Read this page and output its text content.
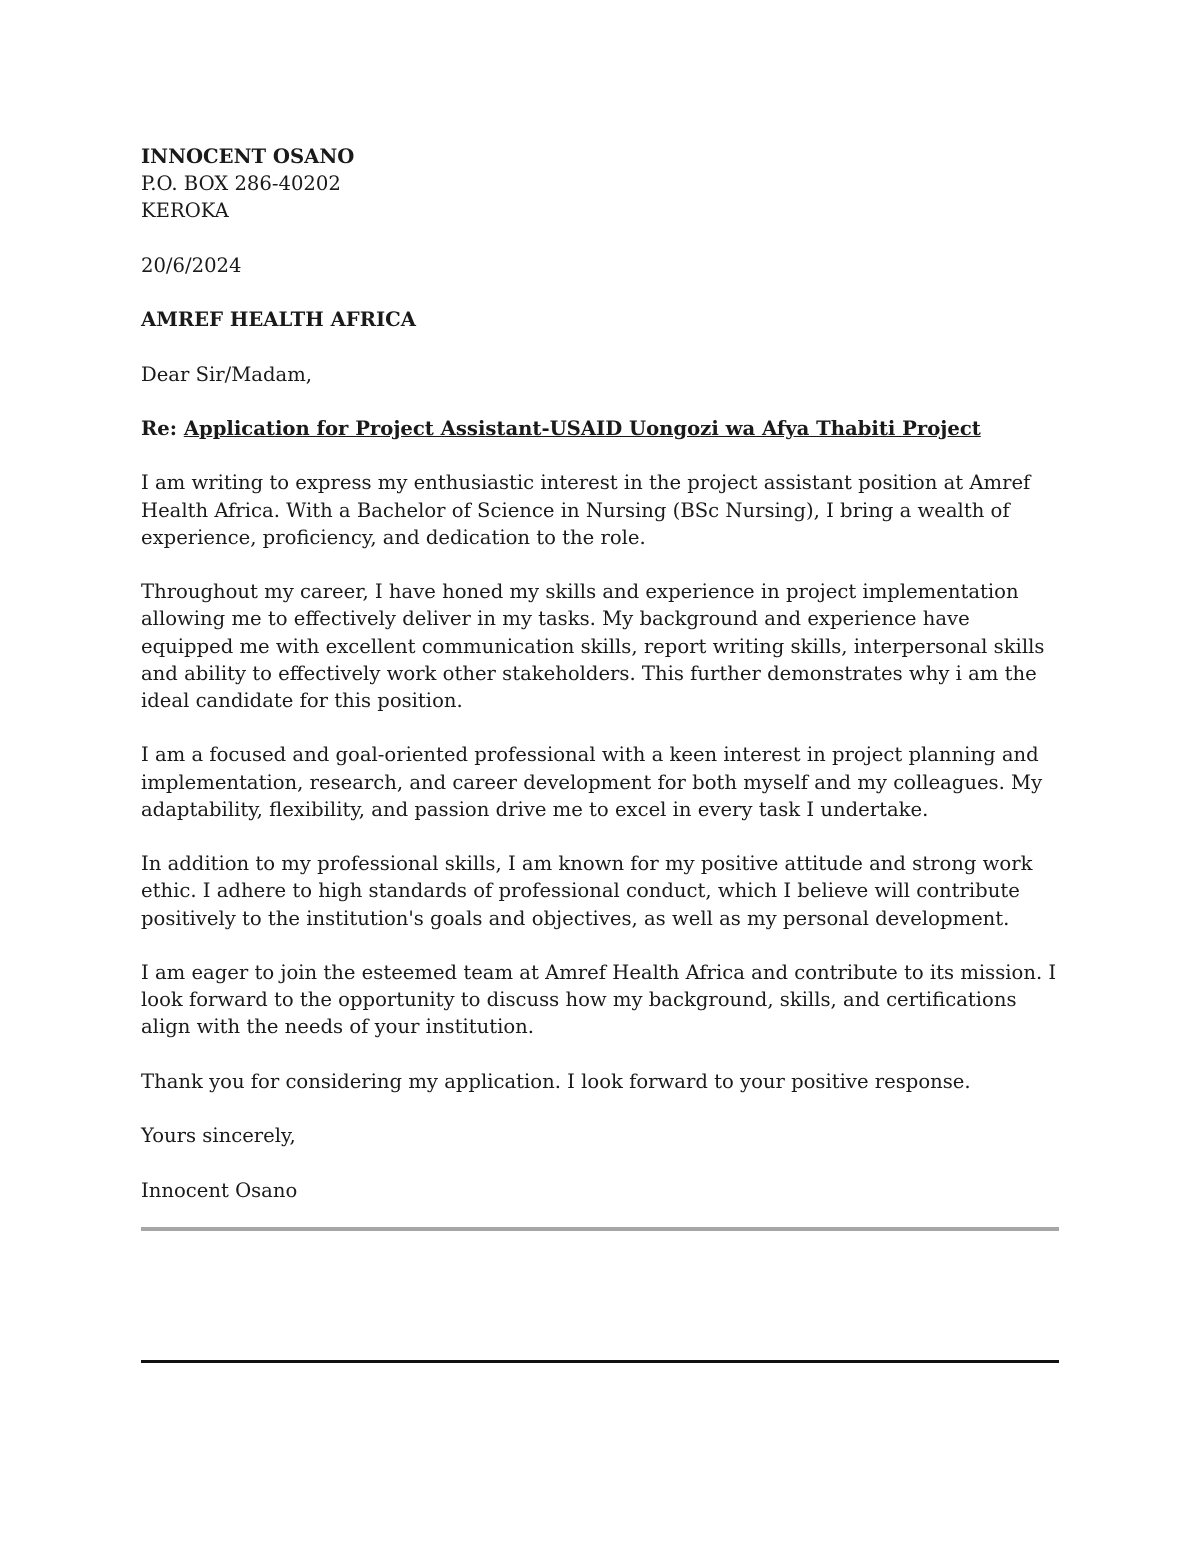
INNOCENT OSANO
P.O. BOX 286-40202
KEROKA
20/6/2024
AMREF HEALTH AFRICA
Dear Sir/Madam,
Re: Application for Project Assistant-USAID Uongozi wa Afya Thabiti Project

I am writing to express my enthusiastic interest in the project assistant position at Amref Health Africa. With a Bachelor of Science in Nursing (BSc Nursing), I bring a wealth of experience, proficiency, and dedication to the role.

Throughout my career, I have honed my skills and experience in project implementation allowing me to effectively deliver in my tasks. My background and experience have equipped me with excellent communication skills, report writing skills, interpersonal skills and ability to effectively work other stakeholders. This further demonstrates why i am the ideal candidate for this position.

I am a focused and goal-oriented professional with a keen interest in project planning and implementation, research, and career development for both myself and my colleagues. My adaptability, flexibility, and passion drive me to excel in every task I undertake.

In addition to my professional skills, I am known for my positive attitude and strong work ethic. I adhere to high standards of professional conduct, which I believe will contribute positively to the institution's goals and objectives, as well as my personal development.

I am eager to join the esteemed team at Amref Health Africa and contribute to its mission. I look forward to the opportunity to discuss how my background, skills, and certifications align with the needs of your institution.

Thank you for considering my application. I look forward to your positive response.

Yours sincerely,
Innocent Osano
